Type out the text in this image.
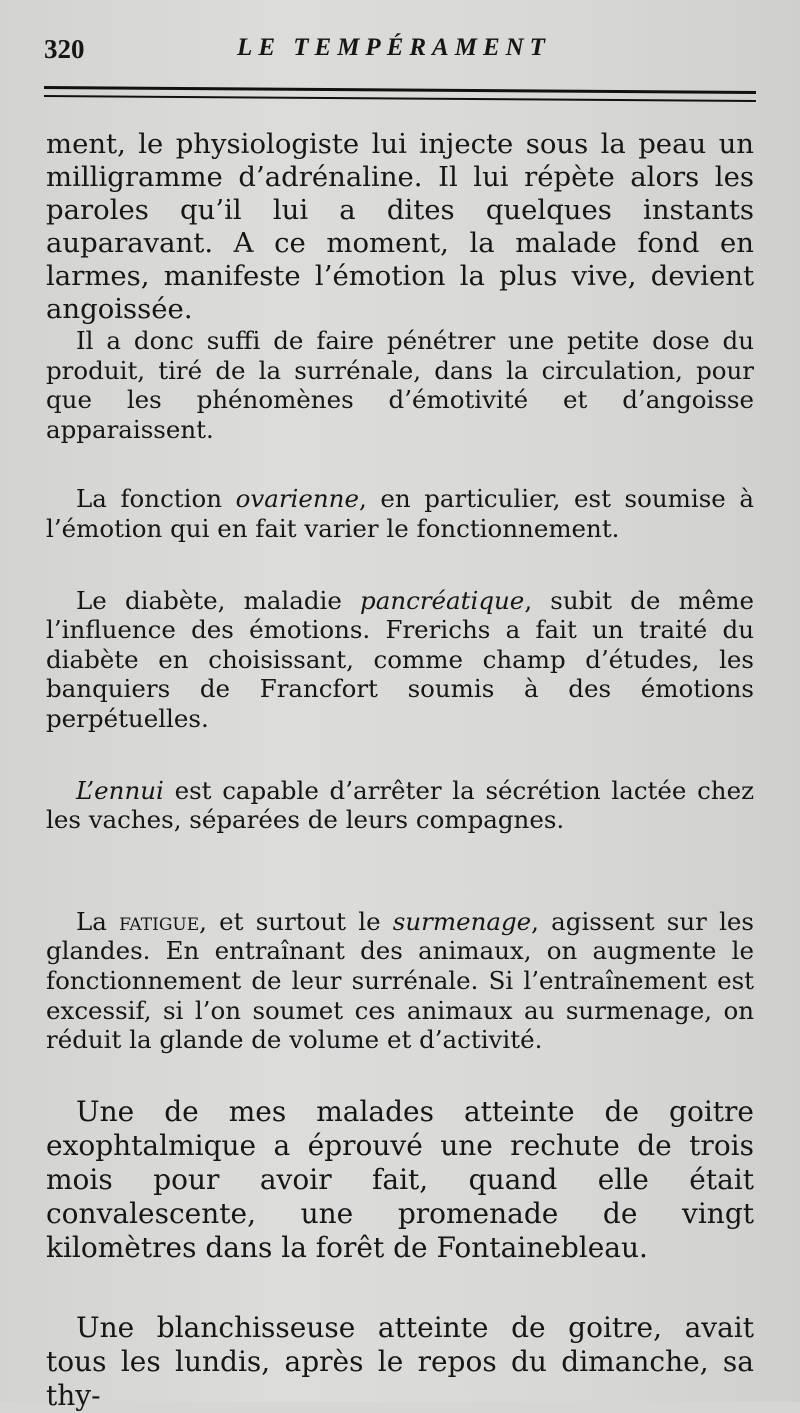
320	LE TEMPÉRAMENT

ment, le physiologiste lui injecte sous la peau un milligramme d’adrénaline. Il lui répète alors les paroles qu’il lui a dites quelques instants auparavant. A ce moment, la malade fond en larmes, manifeste l’émotion la plus vive, devient angoissée.

Il a donc suffi de faire pénétrer une petite dose du produit, tiré de la surrénale, dans la circulation, pour que les phénomènes d’émotivité et d’angoisse apparaissent.

La fonction ovarienne, en particulier, est soumise à l’émotion qui en fait varier le fonctionnement.

Le diabète, maladie pancréatique, subit de même l’influence des émotions. Frerichs a fait un traité du diabète en choisissant, comme champ d’études, les banquiers de Francfort soumis à des émotions perpétuelles.

L’ennui est capable d’arrêter la sécrétion lactée chez les vaches, séparées de leurs compagnes.

La fatigue, et surtout le surmenage, agissent sur les glandes. En entraînant des animaux, on augmente le fonctionnement de leur surrénale. Si l’entraînement est excessif, si l’on soumet ces animaux au surmenage, on réduit la glande de volume et d’activité.

Une de mes malades atteinte de goitre exophtalmique a éprouvé une rechute de trois mois pour avoir fait, quand elle était convalescente, une promenade de vingt kilomètres dans la forêt de Fontainebleau.

Une blanchisseuse atteinte de goitre, avait tous les lundis, après le repos du dimanche, sa thy-
